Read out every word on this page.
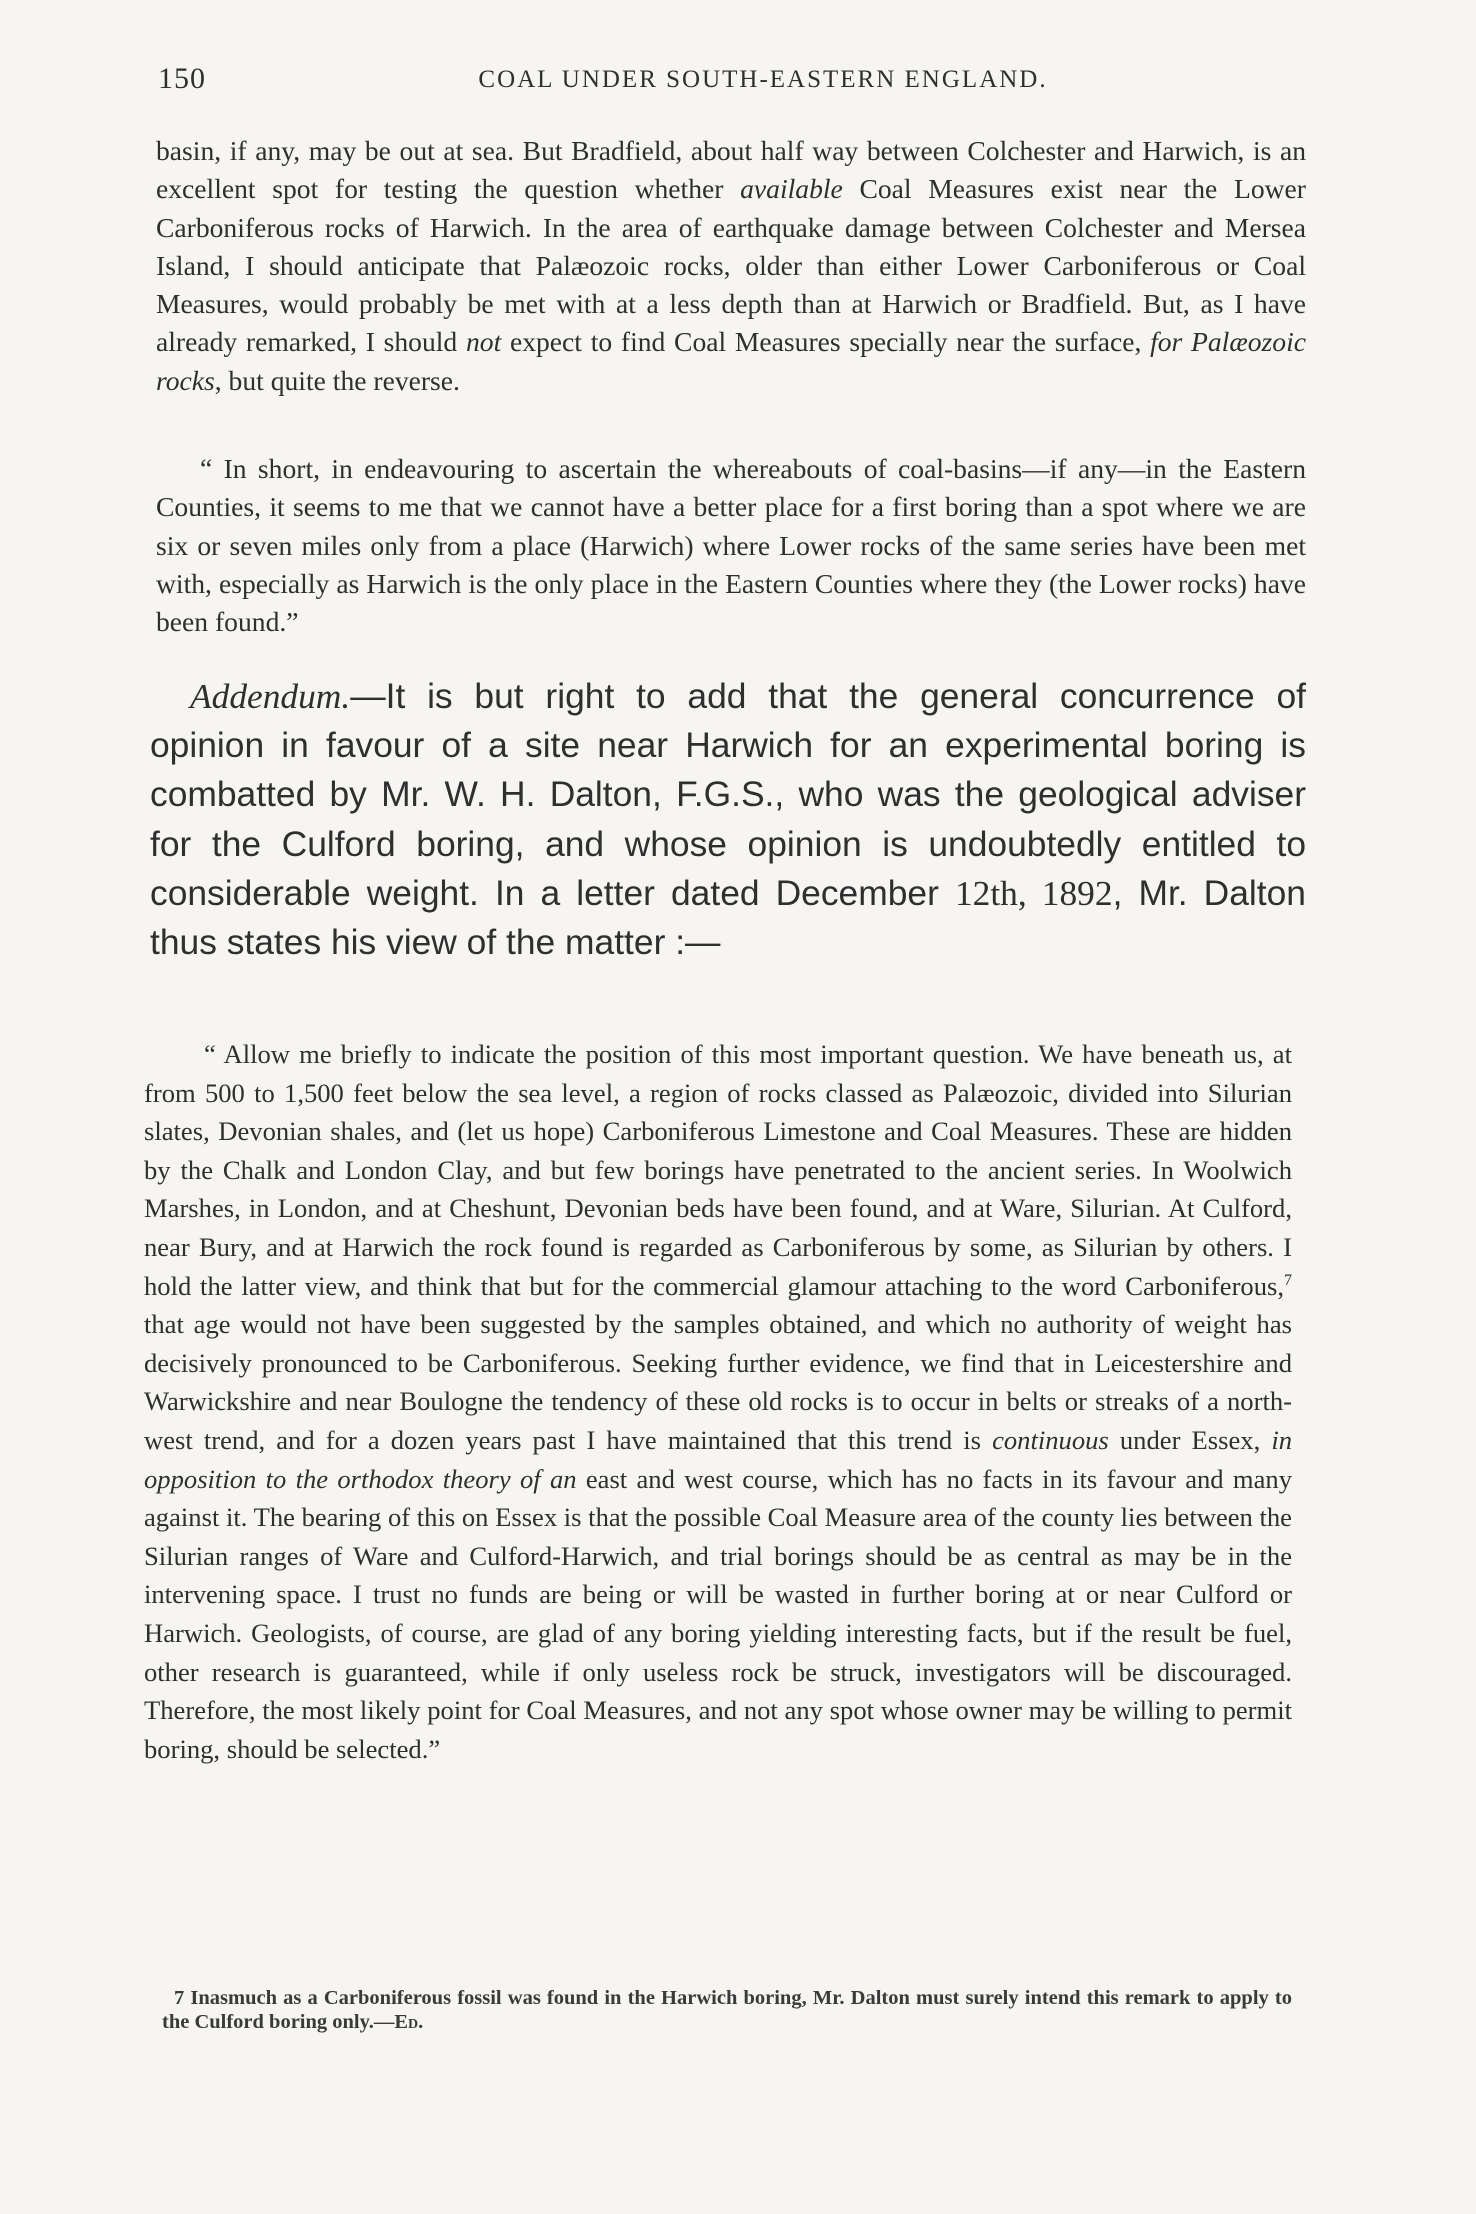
150	COAL UNDER SOUTH-EASTERN ENGLAND.
basin, if any, may be out at sea. But Bradfield, about half way between Colchester and Harwich, is an excellent spot for testing the question whether available Coal Measures exist near the Lower Carboniferous rocks of Harwich. In the area of earthquake damage between Colchester and Mersea Island, I should anticipate that Palæozoic rocks, older than either Lower Carboniferous or Coal Measures, would probably be met with at a less depth than at Harwich or Bradfield. But, as I have already remarked, I should not expect to find Coal Measures specially near the surface, for Palæozoic rocks, but quite the reverse.
“ In short, in endeavouring to ascertain the whereabouts of coal-basins—if any—in the Eastern Counties, it seems to me that we cannot have a better place for a first boring than a spot where we are six or seven miles only from a place (Harwich) where Lower rocks of the same series have been met with, especially as Harwich is the only place in the Eastern Counties where they (the Lower rocks) have been found.”
Addendum.—It is but right to add that the general concurrence of opinion in favour of a site near Harwich for an experimental boring is combatted by Mr. W. H. Dalton, F.G.S., who was the geological adviser for the Culford boring, and whose opinion is undoubtedly entitled to considerable weight. In a letter dated December 12th, 1892, Mr. Dalton thus states his view of the matter :—
“ Allow me briefly to indicate the position of this most important question. We have beneath us, at from 500 to 1,500 feet below the sea level, a region of rocks classed as Palæozoic, divided into Silurian slates, Devonian shales, and (let us hope) Carboniferous Limestone and Coal Measures. These are hidden by the Chalk and London Clay, and but few borings have penetrated to the ancient series. In Woolwich Marshes, in London, and at Cheshunt, Devonian beds have been found, and at Ware, Silurian. At Culford, near Bury, and at Harwich the rock found is regarded as Carboniferous by some, as Silurian by others. I hold the latter view, and think that but for the commercial glamour attaching to the word Carboniferous,$^7$ that age would not have been suggested by the samples obtained, and which no authority of weight has decisively pronounced to be Carboniferous. Seeking further evidence, we find that in Leicestershire and Warwickshire and near Boulogne the tendency of these old rocks is to occur in belts or streaks of a north-west trend, and for a dozen years past I have maintained that this trend is continuous under Essex, in opposition to the orthodox theory of an east and west course, which has no facts in its favour and many against it. The bearing of this on Essex is that the possible Coal Measure area of the county lies between the Silurian ranges of Ware and Culford-Harwich, and trial borings should be as central as may be in the intervening space. I trust no funds are being or will be wasted in further boring at or near Culford or Harwich. Geologists, of course, are glad of any boring yielding interesting facts, but if the result be fuel, other research is guaranteed, while if only useless rock be struck, investigators will be discouraged. Therefore, the most likely point for Coal Measures, and not any spot whose owner may be willing to permit boring, should be selected.”
7 Inasmuch as a Carboniferous fossil was found in the Harwich boring, Mr. Dalton must surely intend this remark to apply to the Culford boring only.—Ed.
